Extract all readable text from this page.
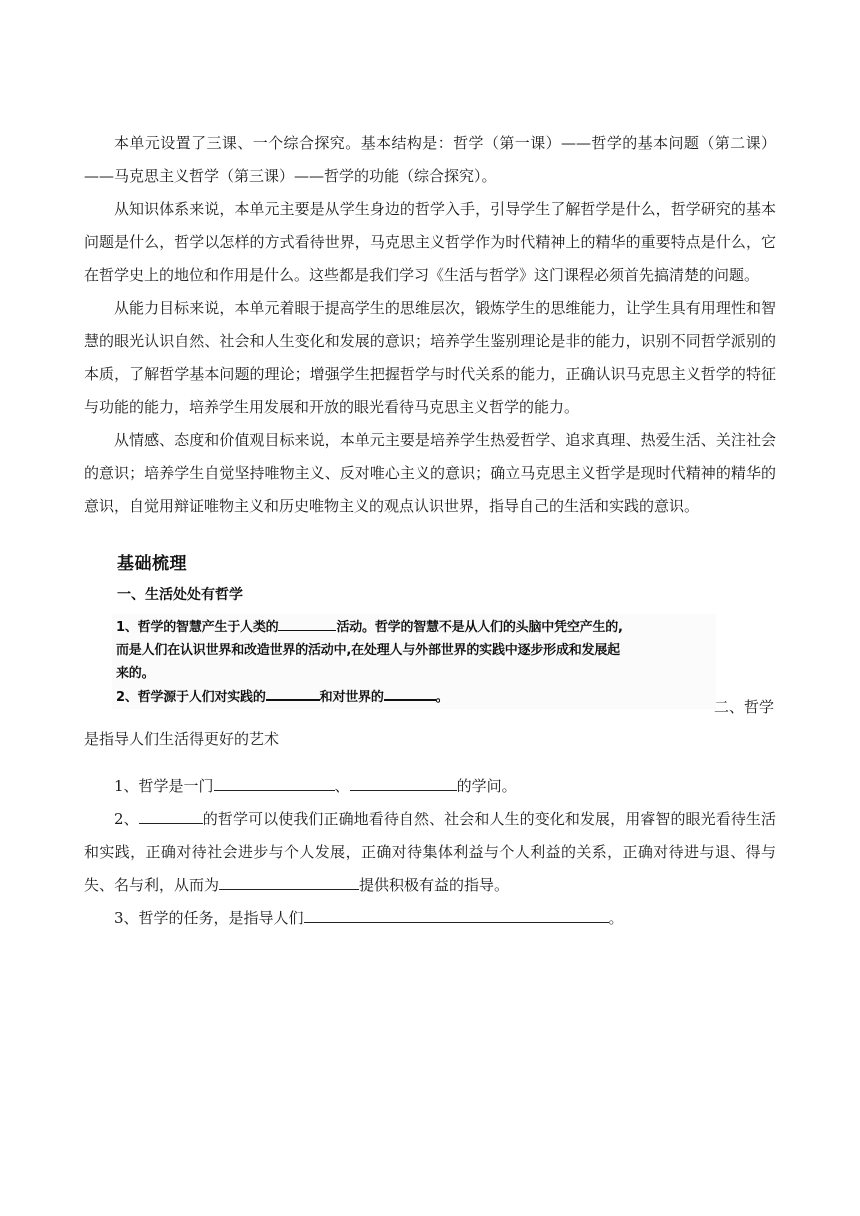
本单元设置了三课、一个综合探究。基本结构是：哲学（第一课）——哲学的基本问题（第二课）——马克思主义哲学（第三课）——哲学的功能（综合探究）。

从知识体系来说，本单元主要是从学生身边的哲学入手，引导学生了解哲学是什么，哲学研究的基本问题是什么，哲学以怎样的方式看待世界，马克思主义哲学作为时代精神上的精华的重要特点是什么，它在哲学史上的地位和作用是什么。这些都是我们学习《生活与哲学》这门课程必须首先搞清楚的问题。

从能力目标来说，本单元着眼于提高学生的思维层次，锻炼学生的思维能力，让学生具有用理性和智慧的眼光认识自然、社会和人生变化和发展的意识；培养学生鉴别理论是非的能力，识别不同哲学派别的本质，了解哲学基本问题的理论；增强学生把握哲学与时代关系的能力，正确认识马克思主义哲学的特征与功能的能力，培养学生用发展和开放的眼光看待马克思主义哲学的能力。

从情感、态度和价值观目标来说，本单元主要是培养学生热爱哲学、追求真理、热爱生活、关注社会的意识；培养学生自觉坚持唯物主义、反对唯心主义的意识；确立马克思主义哲学是现时代精神的精华的意识，自觉用辩证唯物主义和历史唯物主义的观点认识世界，指导自己的生活和实践的意识。

基础梳理
一、生活处处有哲学
1、哲学的智慧产生于人类的	活动。哲学的智慧不是从人们的头脑中凭空产生的,
而是人们在认识世界和改造世界的活动中,在处理人与外部世界的实践中逐步形成和发展起
来的。
2、哲学源于人们对实践的	和对世界的	。
二、哲学
是指导人们生活得更好的艺术

1、哲学是一门	、	的学问。

2、	的哲学可以使我们正确地看待自然、社会和人生的变化和发展，用睿智的眼光看待生活和实践，正确对待社会进步与个人发展，正确对待集体利益与个人利益的关系，正确对待进与退、得与失、名与利，从而为	提供积极有益的指导。

3、哲学的任务，是指导人们	。
